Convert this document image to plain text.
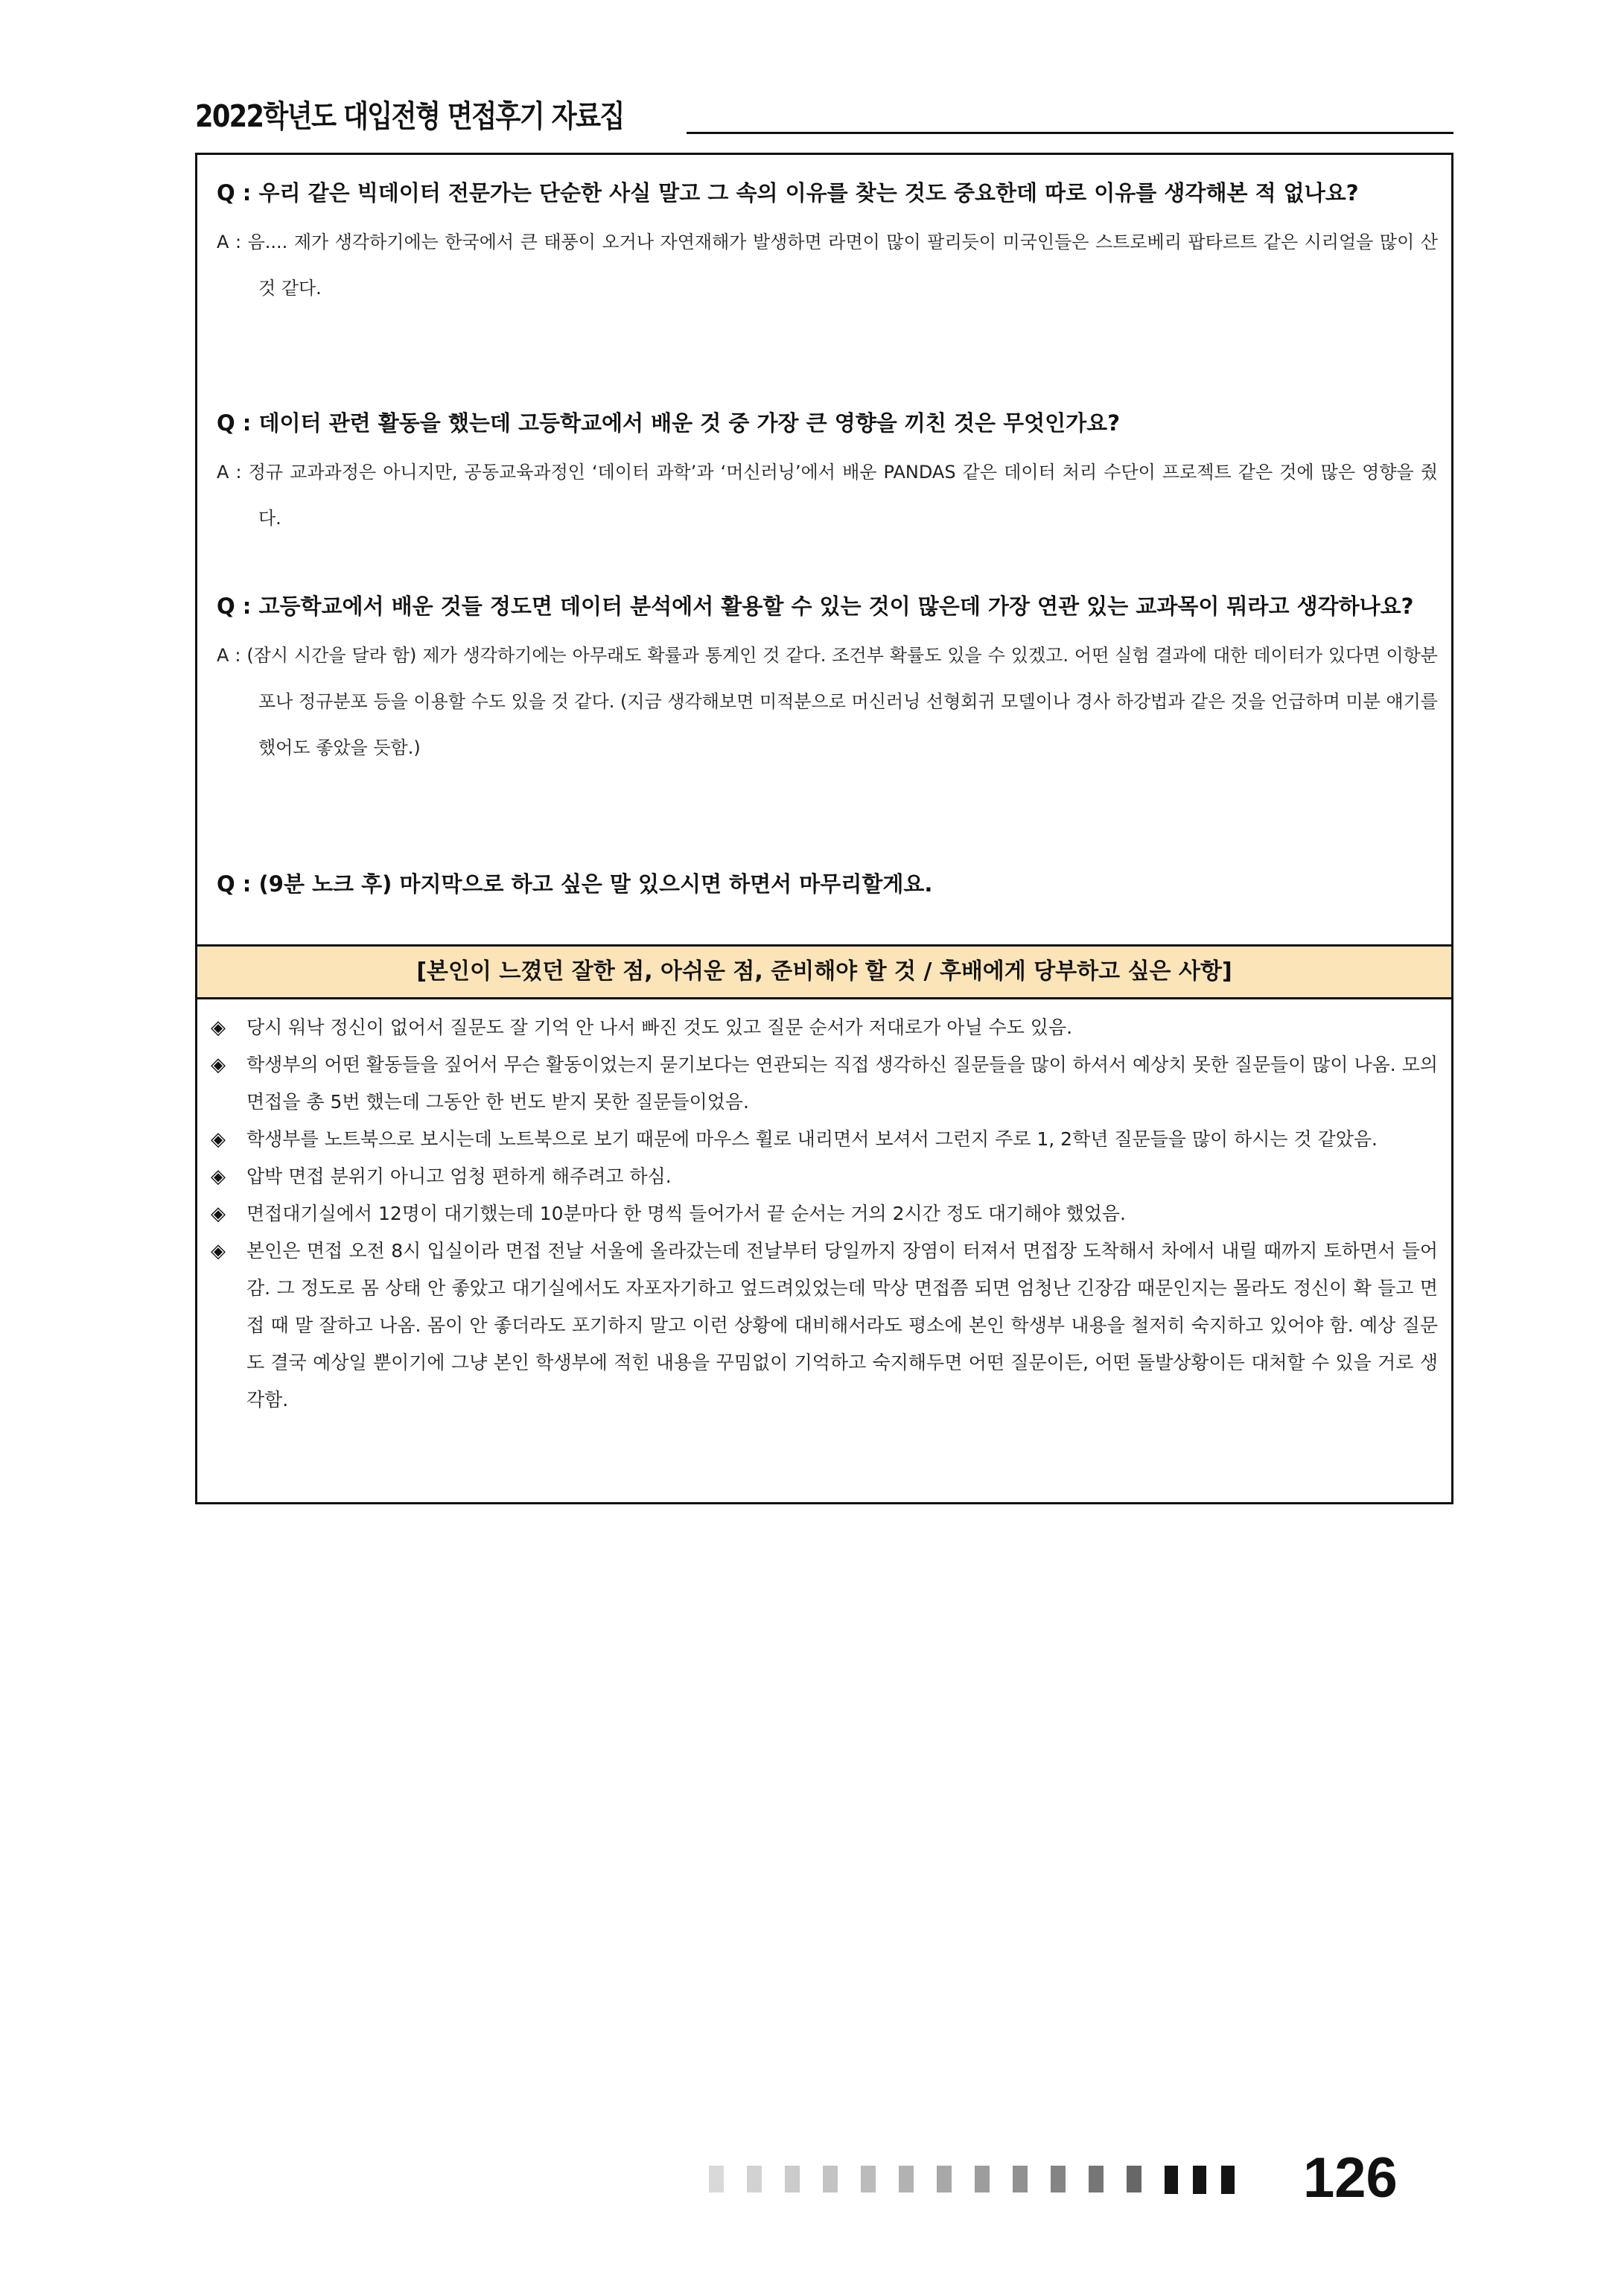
2022학년도 대입전형 면접후기 자료집
Q : 우리 같은 빅데이터 전문가는 단순한 사실 말고 그 속의 이유를 찾는 것도 중요한데 따로 이유를 생각해본 적 없나요?
A : 음.... 제가 생각하기에는 한국에서 큰 태풍이 오거나 자연재해가 발생하면 라면이 많이 팔리듯이 미국인들은 스트로베리 팝타르트 같은 시리얼을 많이 산 것 같다.
Q : 데이터 관련 활동을 했는데 고등학교에서 배운 것 중 가장 큰 영향을 끼친 것은 무엇인가요?
A : 정규 교과과정은 아니지만, 공동교육과정인 ‘데이터 과학’과 ‘머신러닝’에서 배운 PANDAS 같은 데이터 처리 수단이 프로젝트 같은 것에 많은 영향을 줬다.
Q : 고등학교에서 배운 것들 정도면 데이터 분석에서 활용할 수 있는 것이 많은데 가장 연관 있는 교과목이 뭐라고 생각하나요?
A : (잠시 시간을 달라 함) 제가 생각하기에는 아무래도 확률과 통계인 것 같다. 조건부 확률도 있을 수 있겠고. 어떤 실험 결과에 대한 데이터가 있다면 이항분포나 정규분포 등을 이용할 수도 있을 것 같다. (지금 생각해보면 미적분으로 머신러닝 선형회귀 모델이나 경사 하강법과 같은 것을 언급하며 미분 얘기를 했어도 좋았을 듯함.)
Q : (9분 노크 후) 마지막으로 하고 싶은 말 있으시면 하면서 마무리할게요.
[본인이 느꼈던 잘한 점, 아쉬운 점, 준비해야 할 것 / 후배에게 당부하고 싶은 사항]
◈ 당시 워낙 정신이 없어서 질문도 잘 기억 안 나서 빠진 것도 있고 질문 순서가 저대로가 아닐 수도 있음.
◈ 학생부의 어떤 활동들을 짚어서 무슨 활동이었는지 묻기보다는 연관되는 직접 생각하신 질문들을 많이 하셔서 예상치 못한 질문들이 많이 나옴. 모의 면접을 총 5번 했는데 그동안 한 번도 받지 못한 질문들이었음.
◈ 학생부를 노트북으로 보시는데 노트북으로 보기 때문에 마우스 휠로 내리면서 보셔서 그런지 주로 1, 2학년 질문들을 많이 하시는 것 같았음.
◈ 압박 면접 분위기 아니고 엄청 편하게 해주려고 하심.
◈ 면접대기실에서 12명이 대기했는데 10분마다 한 명씩 들어가서 끝 순서는 거의 2시간 정도 대기해야 했었음.
◈ 본인은 면접 오전 8시 입실이라 면접 전날 서울에 올라갔는데 전날부터 당일까지 장염이 터져서 면접장 도착해서 차에서 내릴 때까지 토하면서 들어감. 그 정도로 몸 상태 안 좋았고 대기실에서도 자포자기하고 엎드려있었는데 막상 면접쯤 되면 엄청난 긴장감 때문인지는 몰라도 정신이 확 들고 면접 때 말 잘하고 나옴. 몸이 안 좋더라도 포기하지 말고 이런 상황에 대비해서라도 평소에 본인 학생부 내용을 철저히 숙지하고 있어야 함. 예상 질문도 결국 예상일 뿐이기에 그냥 본인 학생부에 적힌 내용을 꾸밈없이 기억하고 숙지해두면 어떤 질문이든, 어떤 돌발상황이든 대처할 수 있을 거로 생각함.
126
